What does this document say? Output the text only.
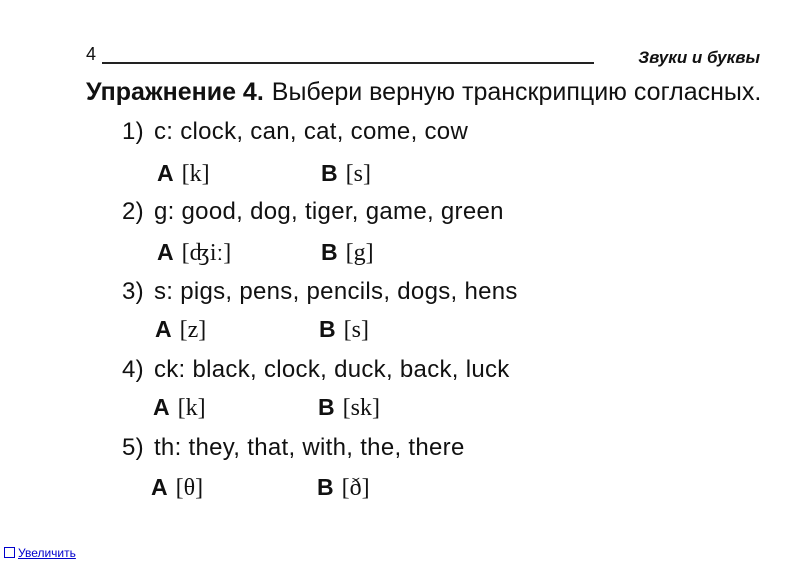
4	Звуки и буквы
Упражнение 4. Выбери верную транскрипцию согласных.
1) c: clock, can, cat, come, cow
A [k]	B [s]
2) g: good, dog, tiger, game, green
A [ʤiː]	B [g]
3) s: pigs, pens, pencils, dogs, hens
A [z]	B [s]
4) ck: black, clock, duck, back, luck
A [k]	B [sk]
5) th: they, that, with, the, there
A [θ]	B [ð]
Увеличить
